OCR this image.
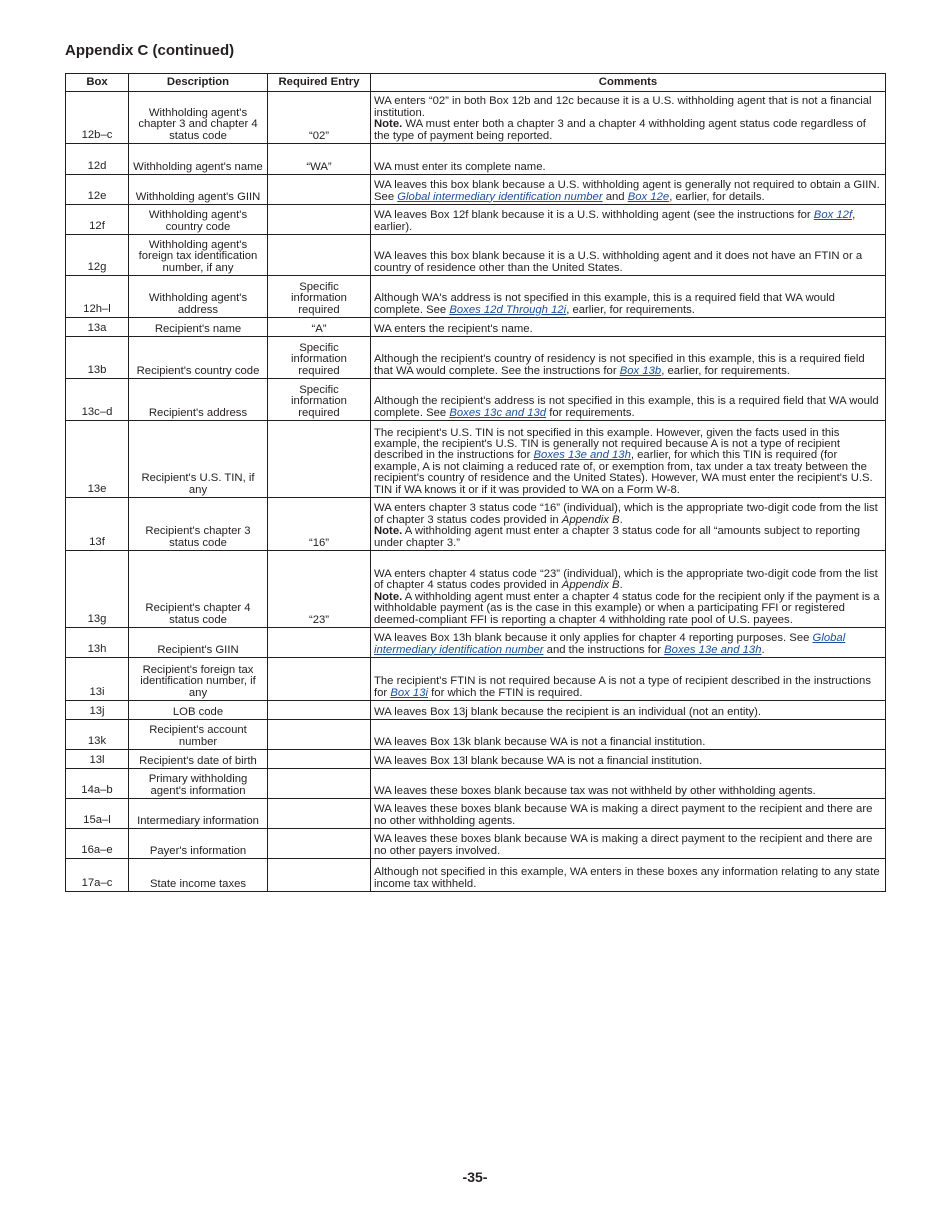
Appendix C (continued)
Box	Description	Required Entry	Comments
12b–c	Withholding agent's chapter 3 and chapter 4 status code	“02”	WA enters “02” in both Box 12b and 12c because it is a U.S. withholding agent that is not a financial institution.
Note. WA must enter both a chapter 3 and a chapter 4 withholding agent status code regardless of the type of payment being reported.
12d	Withholding agent's name	“WA”	WA must enter its complete name.
12e	Withholding agent's GIIN		WA leaves this box blank because a U.S. withholding agent is generally not required to obtain a GIIN. See Global intermediary identification number and Box 12e, earlier, for details.
12f	Withholding agent's country code		WA leaves Box 12f blank because it is a U.S. withholding agent (see the instructions for Box 12f, earlier).
12g	Withholding agent's foreign tax identification number, if any		WA leaves this box blank because it is a U.S. withholding agent and it does not have an FTIN or a country of residence other than the United States.
12h–l	Withholding agent's address	Specific information required	Although WA's address is not specified in this example, this is a required field that WA would complete. See Boxes 12d Through 12i, earlier, for requirements.
13a	Recipient's name	“A”	WA enters the recipient's name.
13b	Recipient's country code	Specific information required	Although the recipient's country of residency is not specified in this example, this is a required field that WA would complete. See the instructions for Box 13b, earlier, for requirements.
13c–d	Recipient's address	Specific information required	Although the recipient's address is not specified in this example, this is a required field that WA would complete. See Boxes 13c and 13d for requirements.
13e	Recipient's U.S. TIN, if any		The recipient's U.S. TIN is not specified in this example. However, given the facts used in this example, the recipient's U.S. TIN is generally not required because A is not a type of recipient described in the instructions for Boxes 13e and 13h, earlier, for which this TIN is required (for example, A is not claiming a reduced rate of, or exemption from, tax under a tax treaty between the recipient's country of residence and the United States). However, WA must enter the recipient's U.S. TIN if WA knows it or if it was provided to WA on a Form W-8.
13f	Recipient's chapter 3 status code	“16”	WA enters chapter 3 status code “16” (individual), which is the appropriate two-digit code from the list of chapter 3 status codes provided in Appendix B.
Note. A withholding agent must enter a chapter 3 status code for all “amounts subject to reporting under chapter 3.”
13g	Recipient's chapter 4 status code	“23”	WA enters chapter 4 status code “23” (individual), which is the appropriate two-digit code from the list of chapter 4 status codes provided in Appendix B.
Note. A withholding agent must enter a chapter 4 status code for the recipient only if the payment is a withholdable payment (as is the case in this example) or when a participating FFI or registered deemed-compliant FFI is reporting a chapter 4 withholding rate pool of U.S. payees.
13h	Recipient's GIIN		WA leaves Box 13h blank because it only applies for chapter 4 reporting purposes. See Global intermediary identification number and the instructions for Boxes 13e and 13h.
13i	Recipient's foreign tax identification number, if any		The recipient's FTIN is not required because A is not a type of recipient described in the instructions for Box 13i for which the FTIN is required.
13j	LOB code		WA leaves Box 13j blank because the recipient is an individual (not an entity).
13k	Recipient's account number		WA leaves Box 13k blank because WA is not a financial institution.
13l	Recipient's date of birth		WA leaves Box 13l blank because WA is not a financial institution.
14a–b	Primary withholding agent's information		WA leaves these boxes blank because tax was not withheld by other withholding agents.
15a–l	Intermediary information		WA leaves these boxes blank because WA is making a direct payment to the recipient and there are no other withholding agents.
16a–e	Payer's information		WA leaves these boxes blank because WA is making a direct payment to the recipient and there are no other payers involved.
17a–c	State income taxes		Although not specified in this example, WA enters in these boxes any information relating to any state income tax withheld.
-35-
